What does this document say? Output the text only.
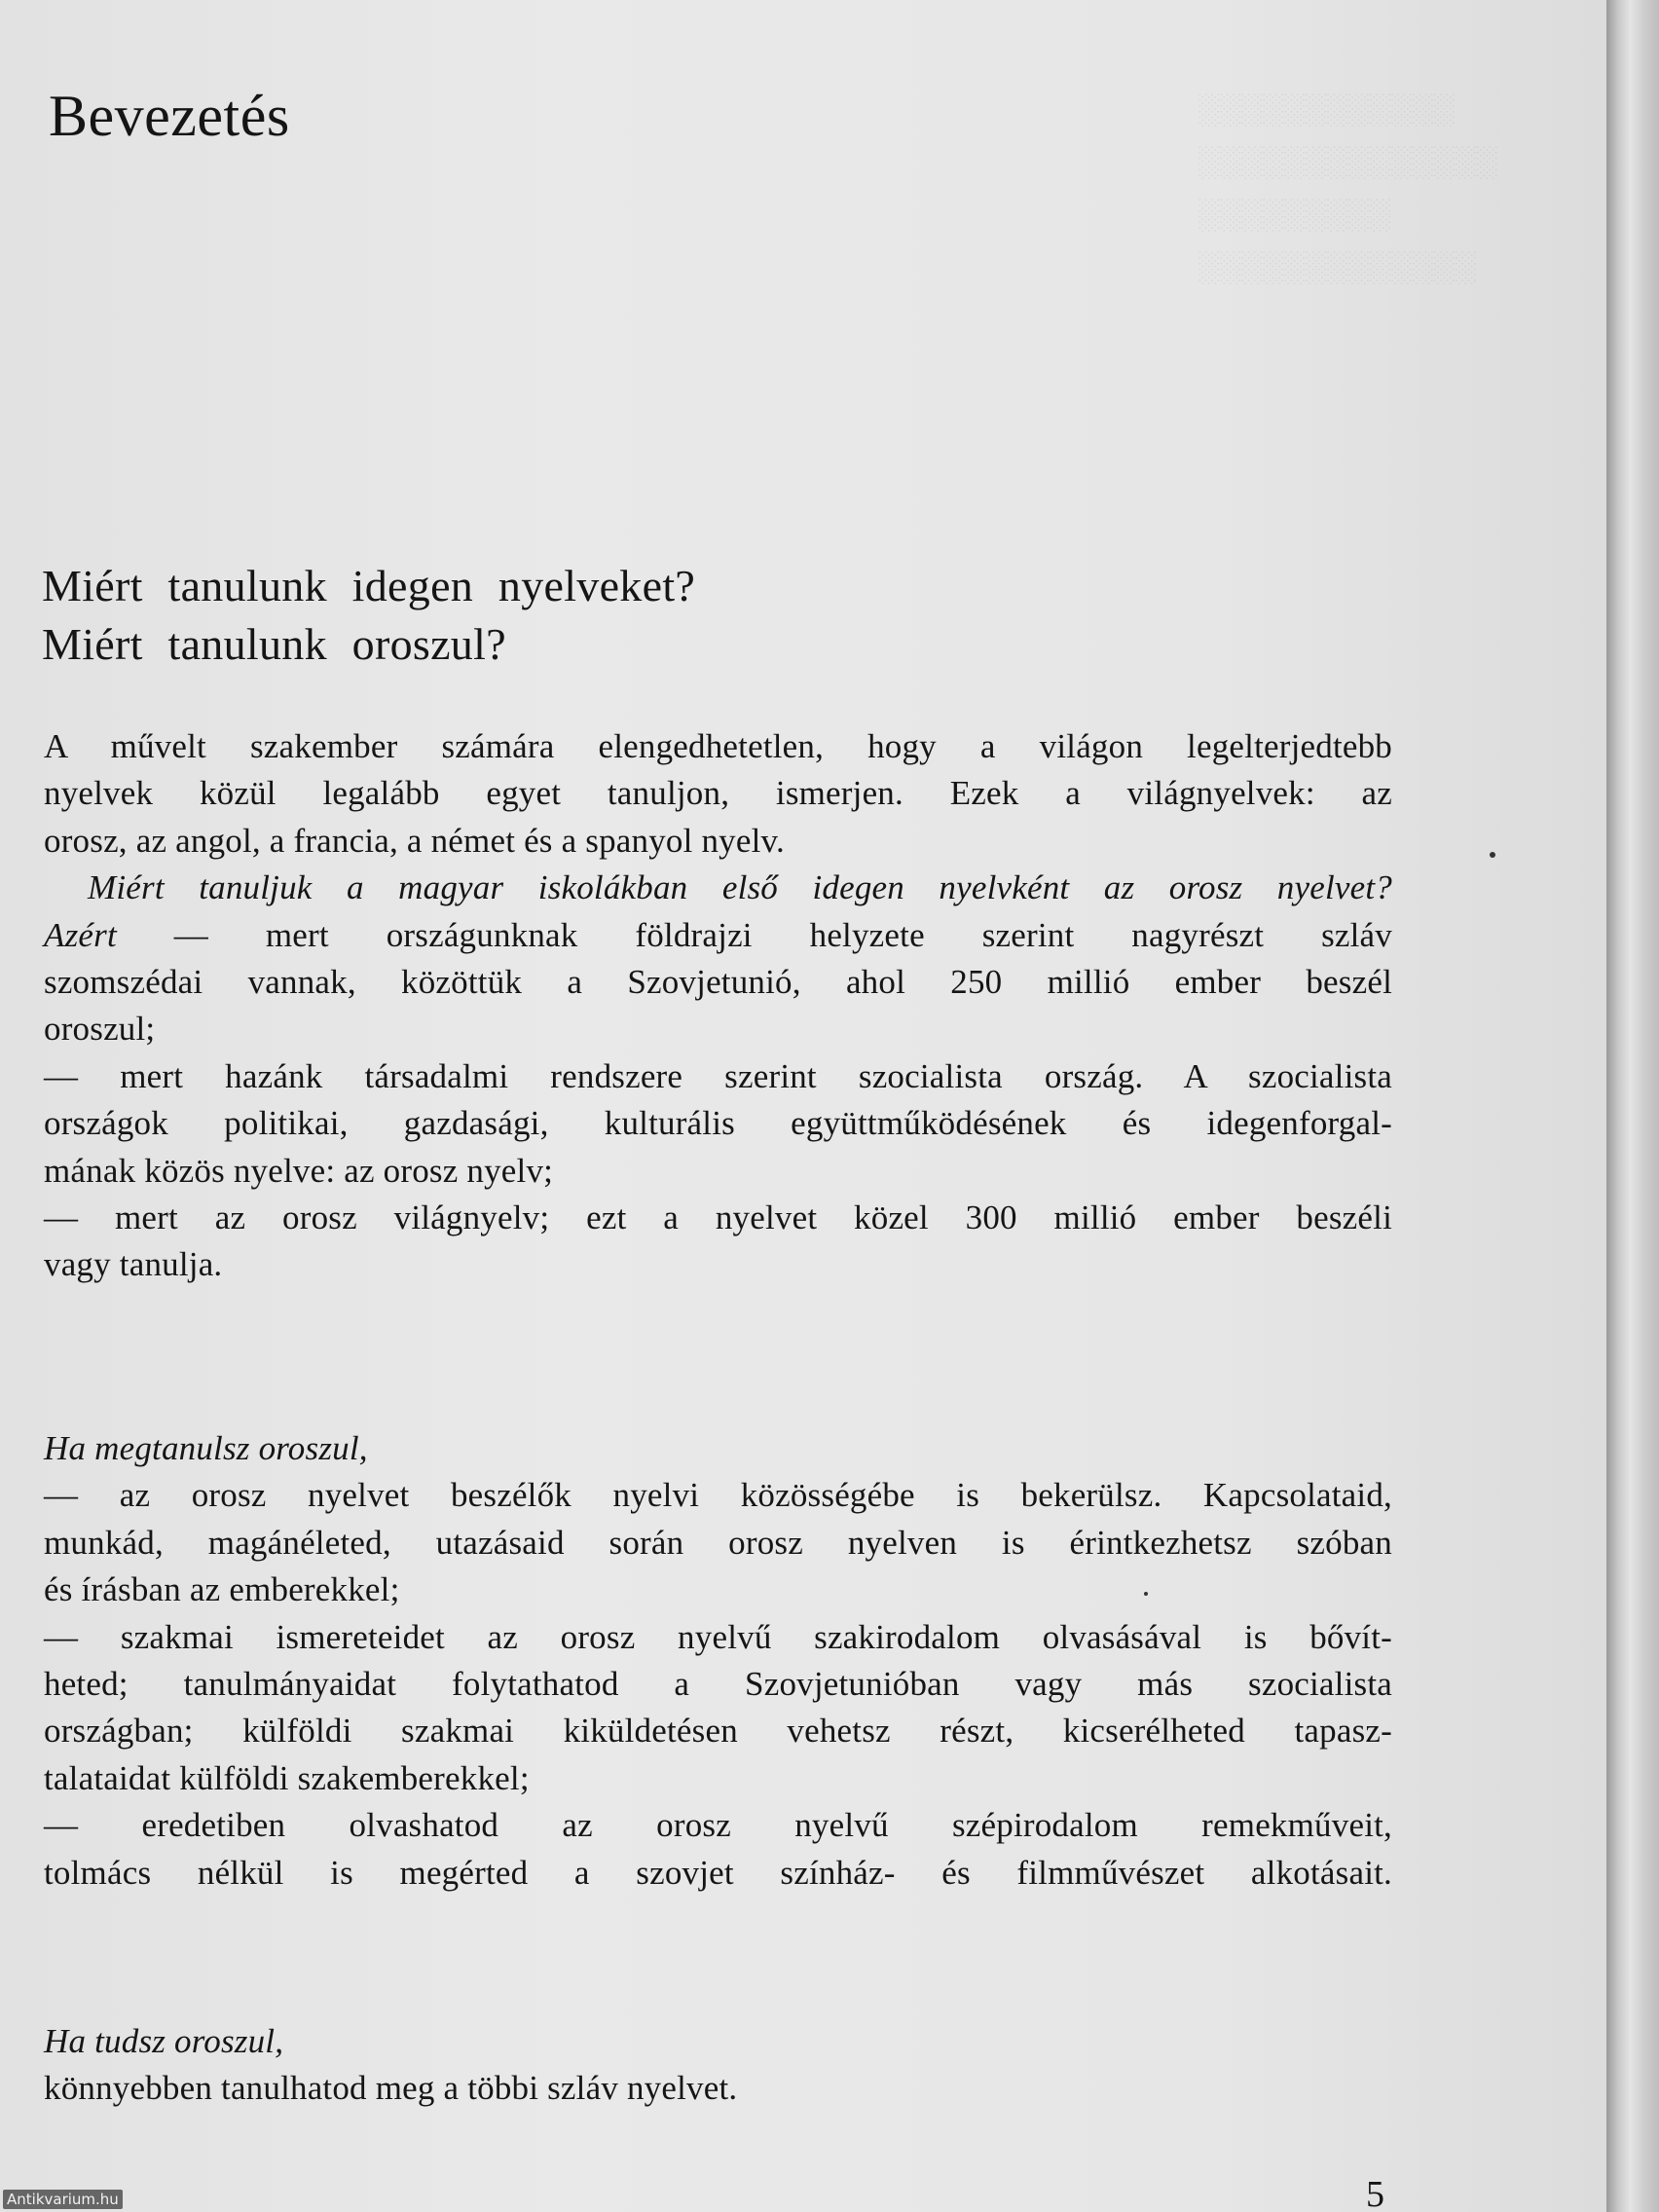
░░░░░░░░░░░░
░░░░░░░░░░░░░░
░░░░░░░░░
░░░░░░░░░░░░░
Bevezetés
Miért tanulunk idegen nyelveket?
Miért tanulunk oroszul?
A művelt szakember számára elengedhetetlen, hogy a világon legelterjedtebb
nyelvek közül legalább egyet tanuljon, ismerjen. Ezek a világnyelvek: az
orosz, az angol, a francia, a német és a spanyol nyelv.
Miért tanuljuk a magyar iskolákban első idegen nyelvként az orosz nyelvet?
Azért — mert országunknak földrajzi helyzete szerint nagyrészt szláv
szomszédai vannak, közöttük a Szovjetunió, ahol 250 millió ember beszél
oroszul;
— mert hazánk társadalmi rendszere szerint szocialista ország. A szocialista
országok politikai, gazdasági, kulturális együttműködésének és idegenforgal-
mának közös nyelve: az orosz nyelv;
— mert az orosz világnyelv; ezt a nyelvet közel 300 millió ember beszéli
vagy tanulja.
Ha megtanulsz oroszul,
— az orosz nyelvet beszélők nyelvi közösségébe is bekerülsz. Kapcsolataid,
munkád, magánéleted, utazásaid során orosz nyelven is érintkezhetsz szóban
és írásban az emberekkel;
— szakmai ismereteidet az orosz nyelvű szakirodalom olvasásával is bővít-
heted; tanulmányaidat folytathatod a Szovjetunióban vagy más szocialista
országban; külföldi szakmai kiküldetésen vehetsz részt, kicserélheted tapasz-
talataidat külföldi szakemberekkel;
— eredetiben olvashatod az orosz nyelvű szépirodalom remekműveit,
tolmács nélkül is megérted a szovjet színház- és filmművészet alkotásait.
Ha tudsz oroszul,
könnyebben tanulhatod meg a többi szláv nyelvet.
5
Antikvarium.hu
